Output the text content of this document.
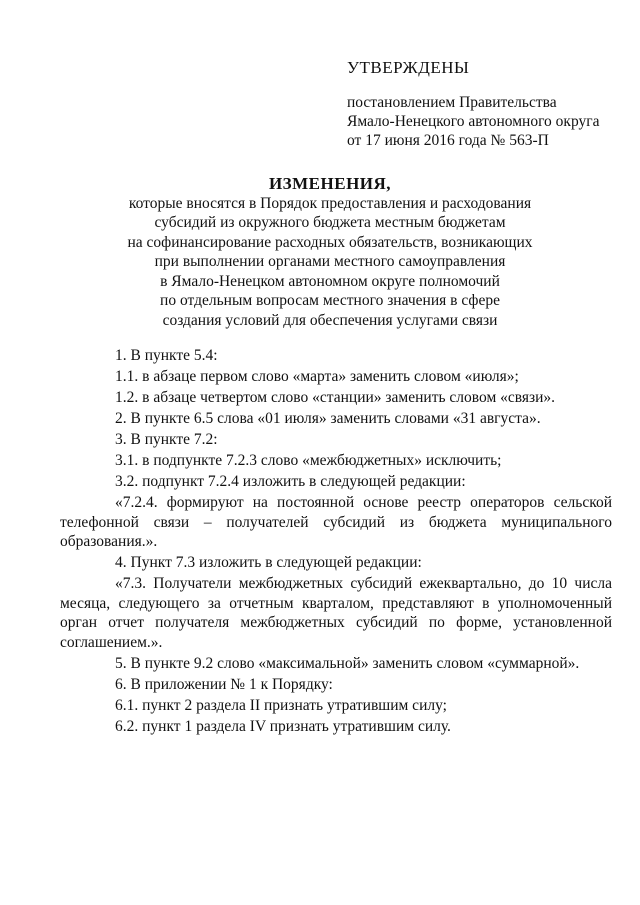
УТВЕРЖДЕНЫ
постановлением Правительства
Ямало-Ненецкого автономного округа
от 17 июня 2016 года № 563-П
ИЗМЕНЕНИЯ,
которые вносятся в Порядок предоставления и расходования
субсидий из окружного бюджета местным бюджетам
на софинансирование расходных обязательств, возникающих
при выполнении органами местного самоуправления
в Ямало-Ненецком автономном округе полномочий
по отдельным вопросам местного значения в сфере
создания условий для обеспечения услугами связи

1. В пункте 5.4:

1.1. в абзаце первом слово «марта» заменить словом «июля»;

1.2. в абзаце четвертом слово «станции» заменить словом «связи».

2. В пункте 6.5 слова «01 июля» заменить словами «31 августа».

3. В пункте 7.2:

3.1. в подпункте 7.2.3 слово «межбюджетных» исключить;

3.2. подпункт 7.2.4 изложить в следующей редакции:

«7.2.4. формируют на постоянной основе реестр операторов сельской телефонной связи – получателей субсидий из бюджета муниципального образования.».

4. Пункт 7.3 изложить в следующей редакции:

«7.3. Получатели межбюджетных субсидий ежеквартально, до 10 числа месяца, следующего за отчетным кварталом, представляют в уполномоченный орган отчет получателя межбюджетных субсидий по форме, установленной соглашением.».

5. В пункте 9.2 слово «максимальной» заменить словом «суммарной».

6. В приложении № 1 к Порядку:

6.1. пункт 2 раздела II признать утратившим силу;

6.2. пункт 1 раздела IV признать утратившим силу.
